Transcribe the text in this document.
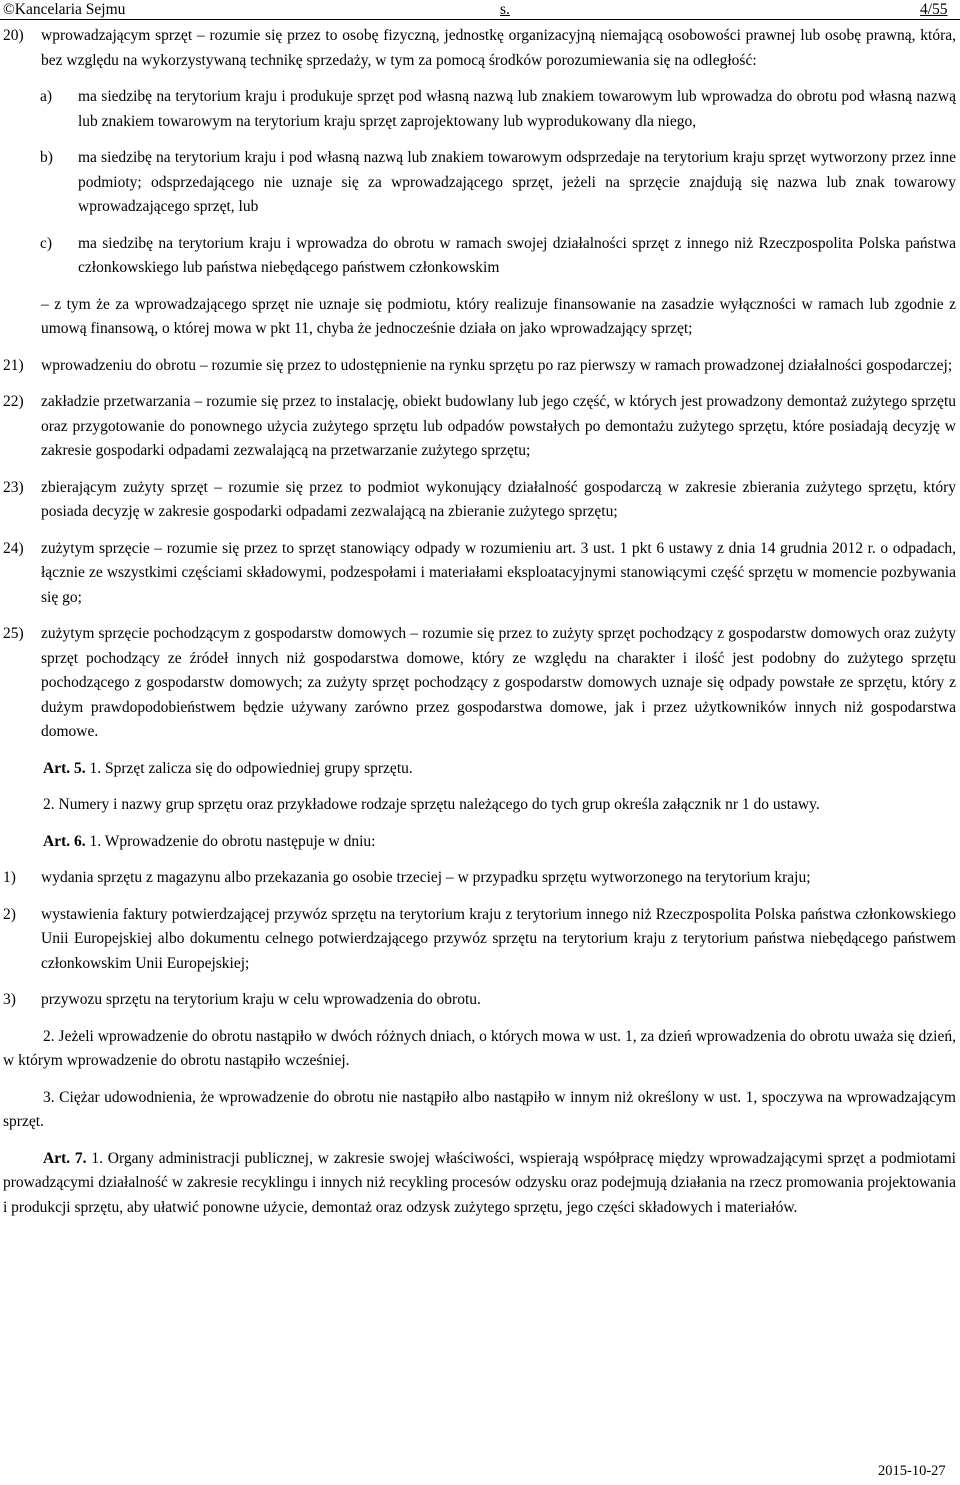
©Kancelaria Sejmu	s.	4/55
20) wprowadzającym sprzęt – rozumie się przez to osobę fizyczną, jednostkę organizacyjną niemającą osobowości prawnej lub osobę prawną, która, bez względu na wykorzystywaną technikę sprzedaży, w tym za pomocą środków porozumiewania się na odległość:
a) ma siedzibę na terytorium kraju i produkuje sprzęt pod własną nazwą lub znakiem towarowym lub wprowadza do obrotu pod własną nazwą lub znakiem towarowym na terytorium kraju sprzęt zaprojektowany lub wyprodukowany dla niego,
b) ma siedzibę na terytorium kraju i pod własną nazwą lub znakiem towarowym odsprzedaje na terytorium kraju sprzęt wytworzony przez inne podmioty; odsprzedającego nie uznaje się za wprowadzającego sprzęt, jeżeli na sprzęcie znajdują się nazwa lub znak towarowy wprowadzającego sprzęt, lub
c) ma siedzibę na terytorium kraju i wprowadza do obrotu w ramach swojej działalności sprzęt z innego niż Rzeczpospolita Polska państwa członkowskiego lub państwa niebędącego państwem członkowskim
– z tym że za wprowadzającego sprzęt nie uznaje się podmiotu, który realizuje finansowanie na zasadzie wyłączności w ramach lub zgodnie z umową finansową, o której mowa w pkt 11, chyba że jednocześnie działa on jako wprowadzający sprzęt;
21) wprowadzeniu do obrotu – rozumie się przez to udostępnienie na rynku sprzętu po raz pierwszy w ramach prowadzonej działalności gospodarczej;
22) zakładzie przetwarzania – rozumie się przez to instalację, obiekt budowlany lub jego część, w których jest prowadzony demontaż zużytego sprzętu oraz przygotowanie do ponownego użycia zużytego sprzętu lub odpadów powstałych po demontażu zużytego sprzętu, które posiadają decyzję w zakresie gospodarki odpadami zezwalającą na przetwarzanie zużytego sprzętu;
23) zbierającym zużyty sprzęt – rozumie się przez to podmiot wykonujący działalność gospodarczą w zakresie zbierania zużytego sprzętu, który posiada decyzję w zakresie gospodarki odpadami zezwalającą na zbieranie zużytego sprzętu;
24) zużytym sprzęcie – rozumie się przez to sprzęt stanowiący odpady w rozumieniu art. 3 ust. 1 pkt 6 ustawy z dnia 14 grudnia 2012 r. o odpadach, łącznie ze wszystkimi częściami składowymi, podzespołami i materiałami eksploatacyjnymi stanowiącymi część sprzętu w momencie pozbywania się go;
25) zużytym sprzęcie pochodzącym z gospodarstw domowych – rozumie się przez to zużyty sprzęt pochodzący z gospodarstw domowych oraz zużyty sprzęt pochodzący ze źródeł innych niż gospodarstwa domowe, który ze względu na charakter i ilość jest podobny do zużytego sprzętu pochodzącego z gospodarstw domowych; za zużyty sprzęt pochodzący z gospodarstw domowych uznaje się odpady powstałe ze sprzętu, który z dużym prawdopodobieństwem będzie używany zarówno przez gospodarstwa domowe, jak i przez użytkowników innych niż gospodarstwa domowe.

Art. 5. 1. Sprzęt zalicza się do odpowiedniej grupy sprzętu.

2. Numery i nazwy grup sprzętu oraz przykładowe rodzaje sprzętu należącego do tych grup określa załącznik nr 1 do ustawy.

Art. 6. 1. Wprowadzenie do obrotu następuje w dniu:

1) wydania sprzętu z magazynu albo przekazania go osobie trzeciej – w przypadku sprzętu wytworzonego na terytorium kraju;
2) wystawienia faktury potwierdzającej przywóz sprzętu na terytorium kraju z terytorium innego niż Rzeczpospolita Polska państwa członkowskiego Unii Europejskiej albo dokumentu celnego potwierdzającego przywóz sprzętu na terytorium kraju z terytorium państwa niebędącego państwem członkowskim Unii Europejskiej;
3) przywozu sprzętu na terytorium kraju w celu wprowadzenia do obrotu.

2. Jeżeli wprowadzenie do obrotu nastąpiło w dwóch różnych dniach, o których mowa w ust. 1, za dzień wprowadzenia do obrotu uważa się dzień, w którym wprowadzenie do obrotu nastąpiło wcześniej.

3. Ciężar udowodnienia, że wprowadzenie do obrotu nie nastąpiło albo nastąpiło w innym niż określony w ust. 1, spoczywa na wprowadzającym sprzęt.

Art. 7. 1. Organy administracji publicznej, w zakresie swojej właściwości, wspierają współpracę między wprowadzającymi sprzęt a podmiotami prowadzącymi działalność w zakresie recyklingu i innych niż recykling procesów odzysku oraz podejmują działania na rzecz promowania projektowania i produkcji sprzętu, aby ułatwić ponowne użycie, demontaż oraz odzysk zużytego sprzętu, jego części składowych i materiałów.

2015-10-27
